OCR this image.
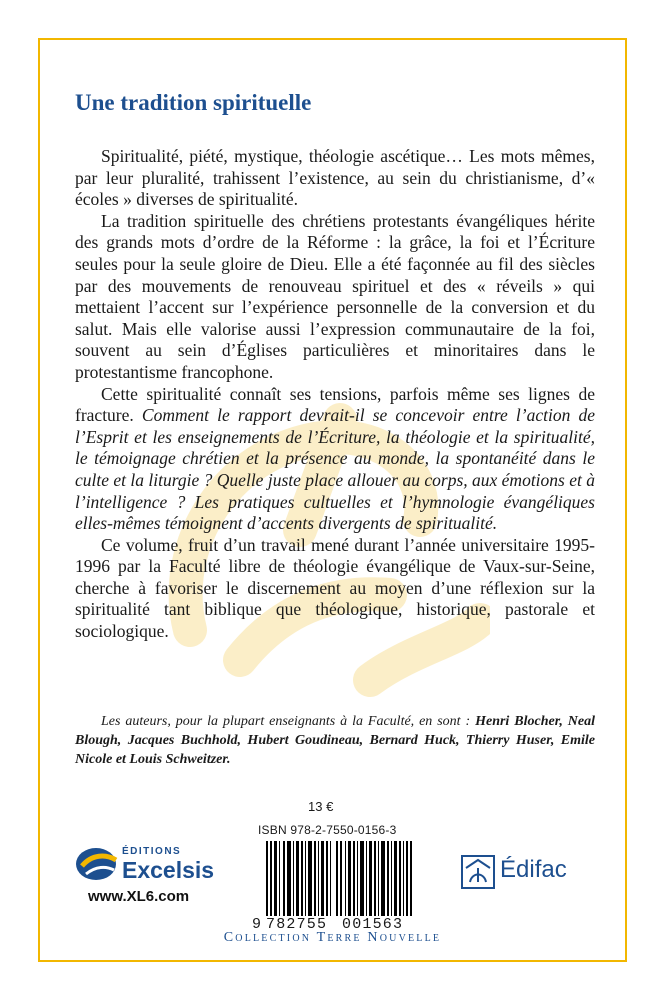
Une tradition spirituelle

Spiritualité, piété, mystique, théologie ascétique… Les mots mêmes, par leur pluralité, trahissent l’existence, au sein du christianisme, d’« écoles » diverses de spiritualité.

La tradition spirituelle des chrétiens protestants évangéliques hérite des grands mots d’ordre de la Réforme : la grâce, la foi et l’Écriture seules pour la seule gloire de Dieu. Elle a été façonnée au fil des siècles par des mouvements de renouveau spirituel et des « réveils » qui mettaient l’accent sur l’expérience personnelle de la conversion et du salut. Mais elle valorise aussi l’expression communautaire de la foi, souvent au sein d’Églises particulières et minoritaires dans le protestantisme francophone.

Cette spiritualité connaît ses tensions, parfois même ses lignes de fracture. Comment le rapport devrait-il se concevoir entre l’action de l’Esprit et les enseignements de l’Écriture, la théologie et la spiritualité, le témoignage chrétien et la présence au monde, la spontanéité dans le culte et la liturgie ? Quelle juste place allouer au corps, aux émotions et à l’intelligence ? Les pratiques cultuelles et l’hymnologie évangéliques elles-mêmes témoignent d’accents divergents de spiritualité.

Ce volume, fruit d’un travail mené durant l’année universitaire 1995-1996 par la Faculté libre de théologie évangélique de Vaux-sur-Seine, cherche à favoriser le discernement au moyen d’une réflexion sur la spiritualité tant biblique que théologique, historique, pastorale et sociologique.

Les auteurs, pour la plupart enseignants à la Faculté, en sont : Henri Blocher, Neal Blough, Jacques Buchhold, Hubert Goudineau, Bernard Huck, Thierry Huser, Emile Nicole et Louis Schweitzer.
13 €
ISBN 978-2-7550-0156-3
9 782755 001563
ÉDITIONS
Excelsis
www.XL6.com
Édifac
Collection Terre Nouvelle
